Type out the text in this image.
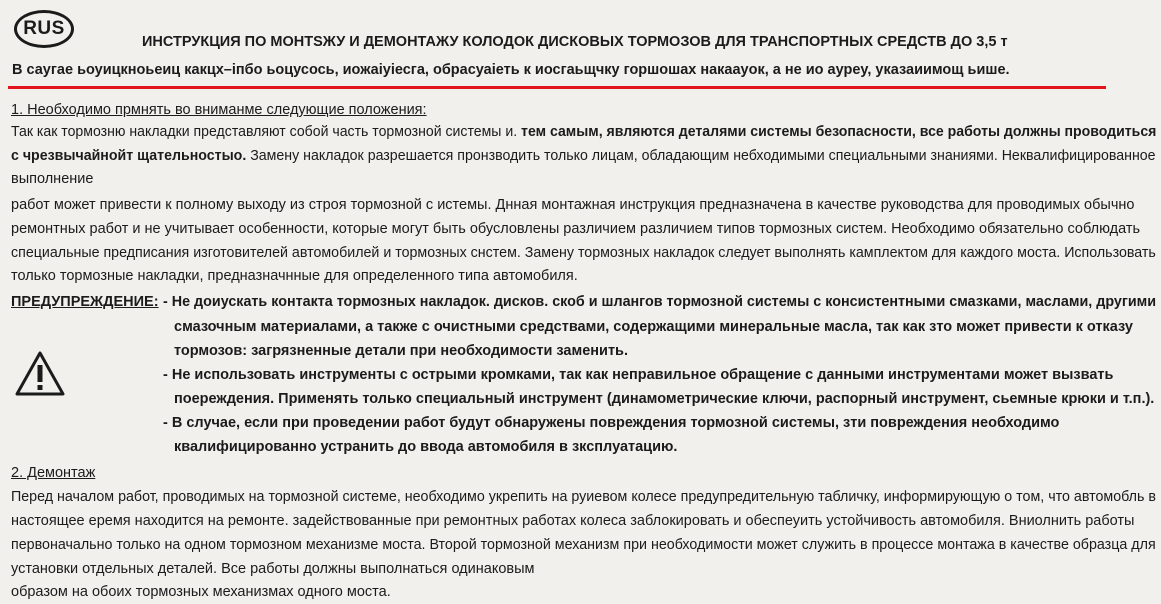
RUS
ИНСТРУКЦИЯ ПО МОНТЅЖУ И ДЕМОНТАЖУ КОЛОДОК ДИСКОВЫХ ТОРМОЗОВ ДЛЯ ТРАНСПОРТНЫХ СРЕДСТВ ДО 3,5 т
В саугае ьоуицкноьеиц какцх–iпбо ьоцусось, иожаiуiесга, обрасуаiеть к иосгаьщчку горшошах накааyок, а не ио аурeу, указаиимощ ьише.
1. Необходимо прмнять во вниманме следующие положения:
Так как тормозню накладки представляют собой часть тормозной системы и. тем самым, являются деталями системы безопасности, все работы должны проводиться
с чрезвычайнойт щательностыо. Замену накладок разрешается пронзводить только лицам, обладающим небходимыми специальными знаниями. Неквалифицированное
выполнение
работ может привести к полному выходу из строя тормозной с истемы. Днная монтажная инструкция предназначена в качестве руководства для проводимых обычно
ремонтных работ и не учитывает особенности, которые могут быть обусловлены различием различием типов тормозных систем. Необходимо обязательно соблюдать
специальные предписания изготовителей автомобилей и тормозных снстем. Замену тормозных накладок следует выполнять камплектом для каждого моста. Использовать
только тормозные накладки, предназначнные для определенного типа автомобиля.
ПРЕДУПРЕЖДЕНИЕ: - Не доиускать контакта тормозных накладок. дисков. скоб и шлангов тормозной системы с консистентными смазками, маслами, другими
смазочным материалами, а также с очистными средствами, содержащими минеральные масла, так как зто может привести к отказу
тормозов: загрязненные детали при необходимости заменить.
- Не использовать инструменты с острыми кромками, так как неправильное обращение с данными инструментами может вызвать
поереждения. Применять только специальный инструмент (динамометрические ключи, распорный инструмент, сьемные крюки и т.п.).
- В случае, если при проведении работ будут обнаружены повреждения тормозной системы, зти повреждения необходимо
квалифицированно устранить до ввода автомобиля в зксплуатацию.
2. Демонтаж
Перед началом работ, проводимых на тормозной системе, необходимо укрепить на руиевом колесе предупредительную табличку, информирующую о том, что автомобль в
настоящее еремя находится на ремонте. задействованные при ремонтных работах колеса заблокировать и обеспеуить устойчивость автомобиля. Вниолнить работы
первоначально только на одном тормозном механизме моста. Второй тормозной механизм при необходимости может служить в процессе монтажа в качестве образца для
установки отдельных деталей. Все работы должны выполнаться одинаковым
образом на обоих тормозных механизмах одного моста.
